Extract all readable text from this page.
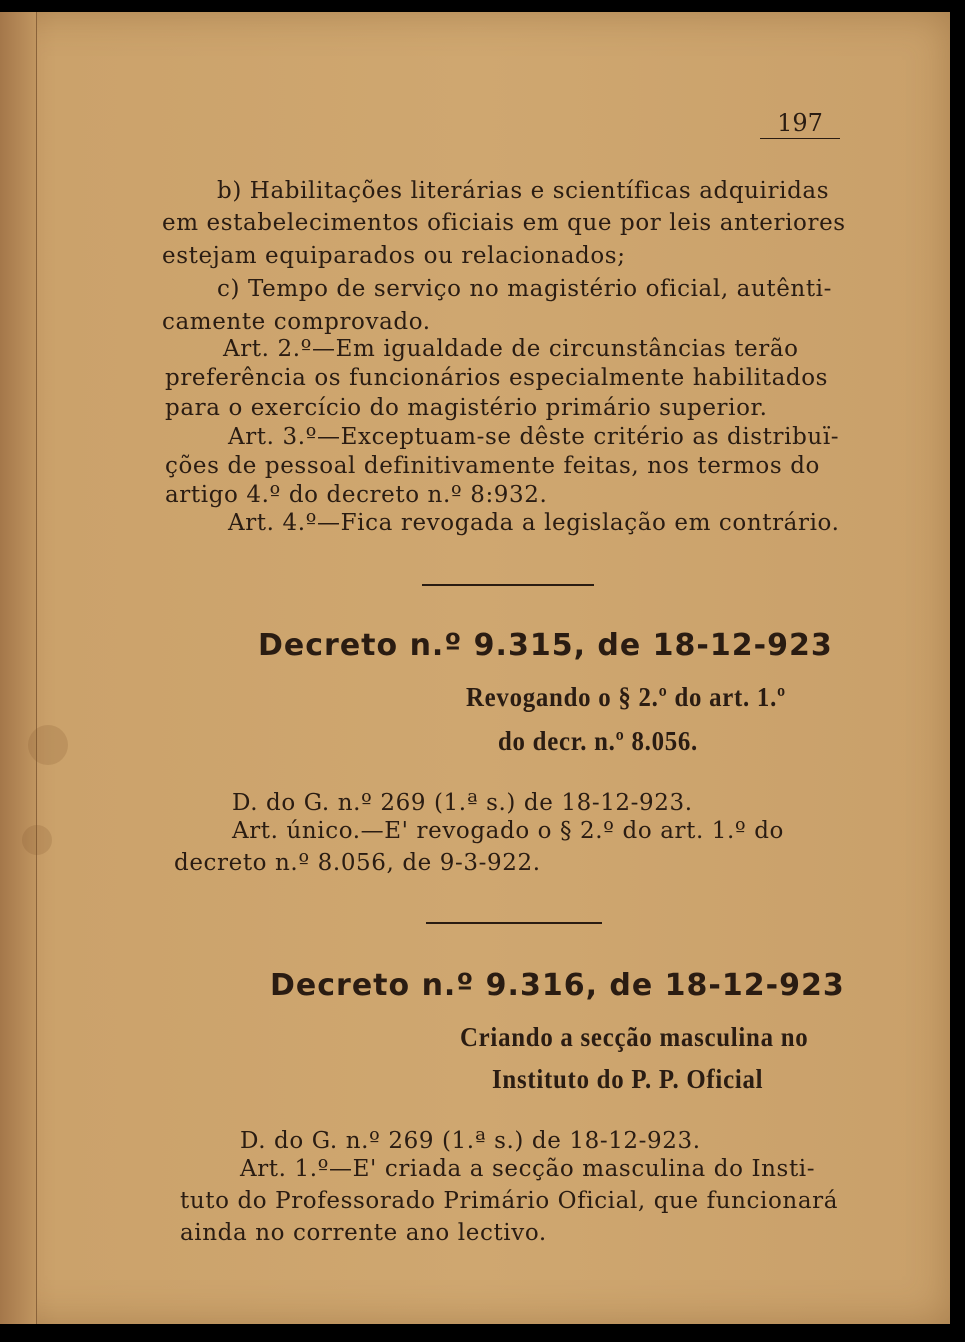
197
b) Habilitações literárias e scientíficas adquiridas
em estabelecimentos oficiais em que por leis anteriores
estejam equiparados ou relacionados;
c) Tempo de serviço no magistério oficial, autênti-
camente comprovado.
Art. 2.º—Em igualdade de circunstâncias terão
preferência os funcionários especialmente habilitados
para o exercício do magistério primário superior.
Art. 3.º—Exceptuam-se dêste critério as distribuï-
ções de pessoal definitivamente feitas, nos termos do
artigo 4.º do decreto n.º 8:932.
Art. 4.º—Fica revogada a legislação em contrário.
Decreto n.º 9.315, de 18-12-923
Revogando o § 2.º do art. 1.º
do decr. n.º 8.056.
D. do G. n.º 269 (1.ª s.) de 18-12-923.
Art. único.—E' revogado o § 2.º do art. 1.º do
decreto n.º 8.056, de 9-3-922.
Decreto n.º 9.316, de 18-12-923
Criando a secção masculina no
Instituto do P. P. Oficial
D. do G. n.º 269 (1.ª s.) de 18-12-923.
Art. 1.º—E' criada a secção masculina do Insti-
tuto do Professorado Primário Oficial, que funcionará
ainda no corrente ano lectivo.
